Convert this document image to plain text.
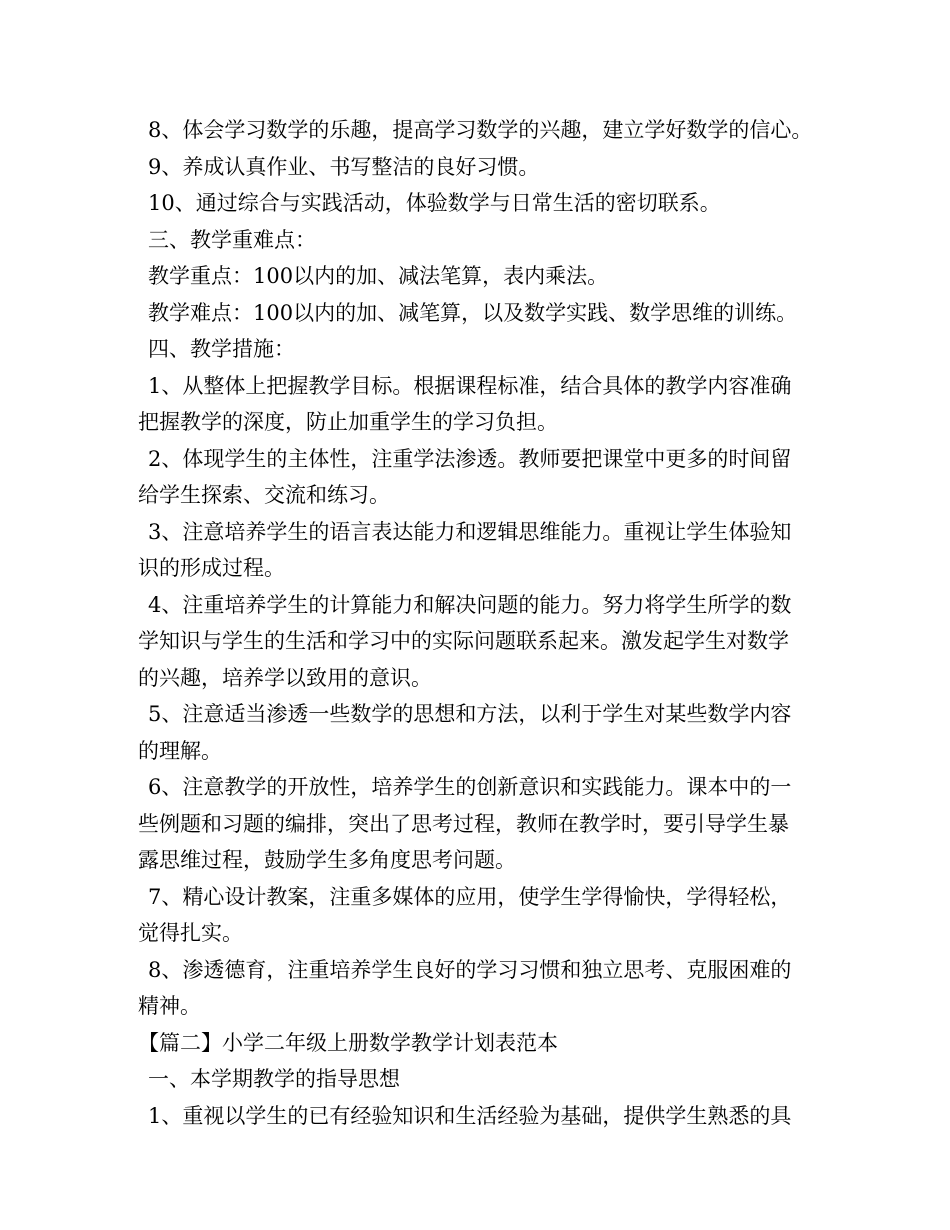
8、体会学习数学的乐趣，提高学习数学的兴趣，建立学好数学的信心。
9、养成认真作业、书写整洁的良好习惯。
10、通过综合与实践活动，体验数学与日常生活的密切联系。
三、教学重难点：
教学重点：100以内的加、减法笔算，表内乘法。
教学难点：100以内的加、减笔算，以及数学实践、数学思维的训练。
四、教学措施：
1、从整体上把握教学目标。根据课程标准，结合具体的教学内容准确
把握教学的深度，防止加重学生的学习负担。
2、体现学生的主体性，注重学法渗透。教师要把课堂中更多的时间留
给学生探索、交流和练习。
3、注意培养学生的语言表达能力和逻辑思维能力。重视让学生体验知
识的形成过程。
4、注重培养学生的计算能力和解决问题的能力。努力将学生所学的数
学知识与学生的生活和学习中的实际问题联系起来。激发起学生对数学
的兴趣，培养学以致用的意识。
5、注意适当渗透一些数学的思想和方法，以利于学生对某些数学内容
的理解。
6、注意教学的开放性，培养学生的创新意识和实践能力。课本中的一
些例题和习题的编排，突出了思考过程，教师在教学时，要引导学生暴
露思维过程，鼓励学生多角度思考问题。
7、精心设计教案，注重多媒体的应用，使学生学得愉快，学得轻松，
觉得扎实。
8、渗透德育，注重培养学生良好的学习习惯和独立思考、克服困难的
精神。
【篇二】小学二年级上册数学教学计划表范本
一、本学期教学的指导思想
1、重视以学生的已有经验知识和生活经验为基础，提供学生熟悉的具
